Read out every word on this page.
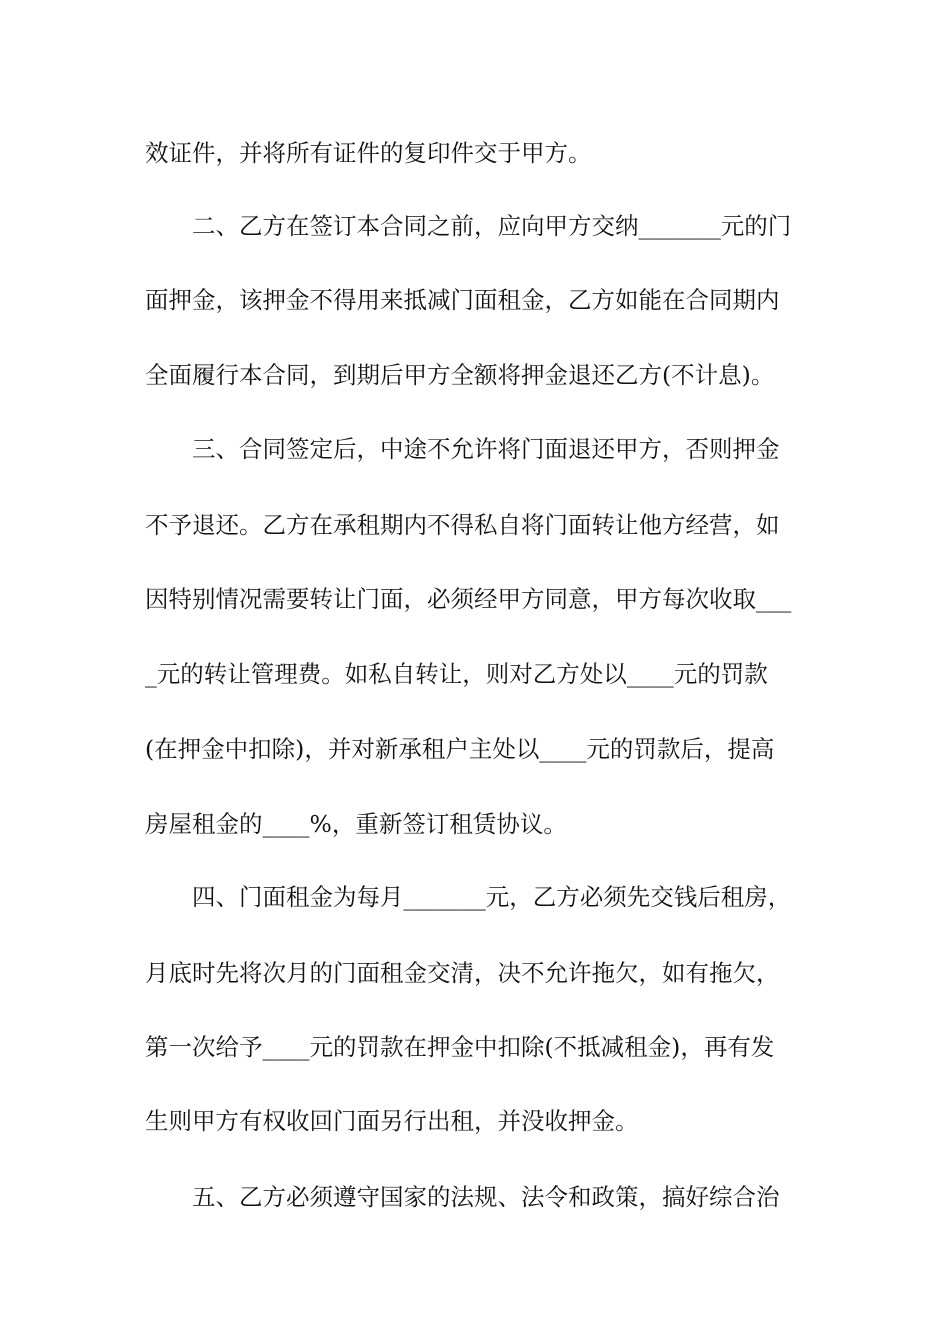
效证件，并将所有证件的复印件交于甲方。
　　二、乙方在签订本合同之前，应向甲方交纳_______元的门
面押金，该押金不得用来抵减门面租金，乙方如能在合同期内
全面履行本合同，到期后甲方全额将押金退还乙方(不计息)。
　　三、合同签定后，中途不允许将门面退还甲方，否则押金
不予退还。乙方在承租期内不得私自将门面转让他方经营，如
因特别情况需要转让门面，必须经甲方同意，甲方每次收取___
_元的转让管理费。如私自转让，则对乙方处以____元的罚款
(在押金中扣除)，并对新承租户主处以____元的罚款后，提高
房屋租金的____%，重新签订租赁协议。
　　四、门面租金为每月_______元，乙方必须先交钱后租房，
月底时先将次月的门面租金交清，决不允许拖欠，如有拖欠，
第一次给予____元的罚款在押金中扣除(不抵减租金)，再有发
生则甲方有权收回门面另行出租，并没收押金。
　　五、乙方必须遵守国家的法规、法令和政策，搞好综合治
